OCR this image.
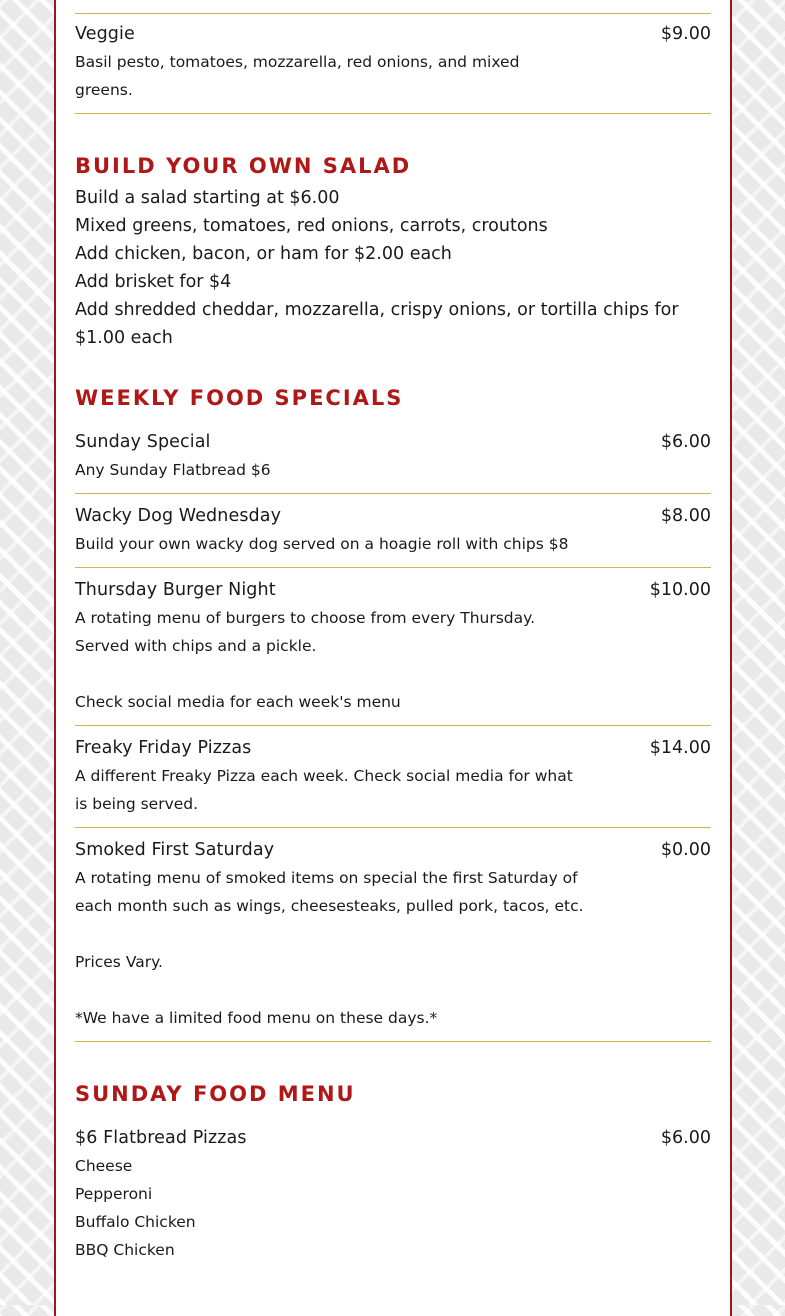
Veggie	$9.00
Basil pesto, tomatoes, mozzarella, red onions, and mixed greens.
BUILD YOUR OWN SALAD
Build a salad starting at $6.00
Mixed greens, tomatoes, red onions, carrots, croutons
Add chicken, bacon, or ham for $2.00 each
Add brisket for $4
Add shredded cheddar, mozzarella, crispy onions, or tortilla chips for $1.00 each
WEEKLY FOOD SPECIALS
Sunday Special	$6.00
Any Sunday Flatbread $6
Wacky Dog Wednesday	$8.00
Build your own wacky dog served on a hoagie roll with chips $8
Thursday Burger Night	$10.00
A rotating menu of burgers to choose from every Thursday. Served with chips and a pickle.

Check social media for each week's menu
Freaky Friday Pizzas	$14.00
A different Freaky Pizza each week. Check social media for what is being served.
Smoked First Saturday	$0.00
A rotating menu of smoked items on special the first Saturday of each month such as wings, cheesesteaks, pulled pork, tacos, etc.

Prices Vary.

*We have a limited food menu on these days.*
SUNDAY FOOD MENU
$6 Flatbread Pizzas	$6.00
Cheese
Pepperoni
Buffalo Chicken
BBQ Chicken
